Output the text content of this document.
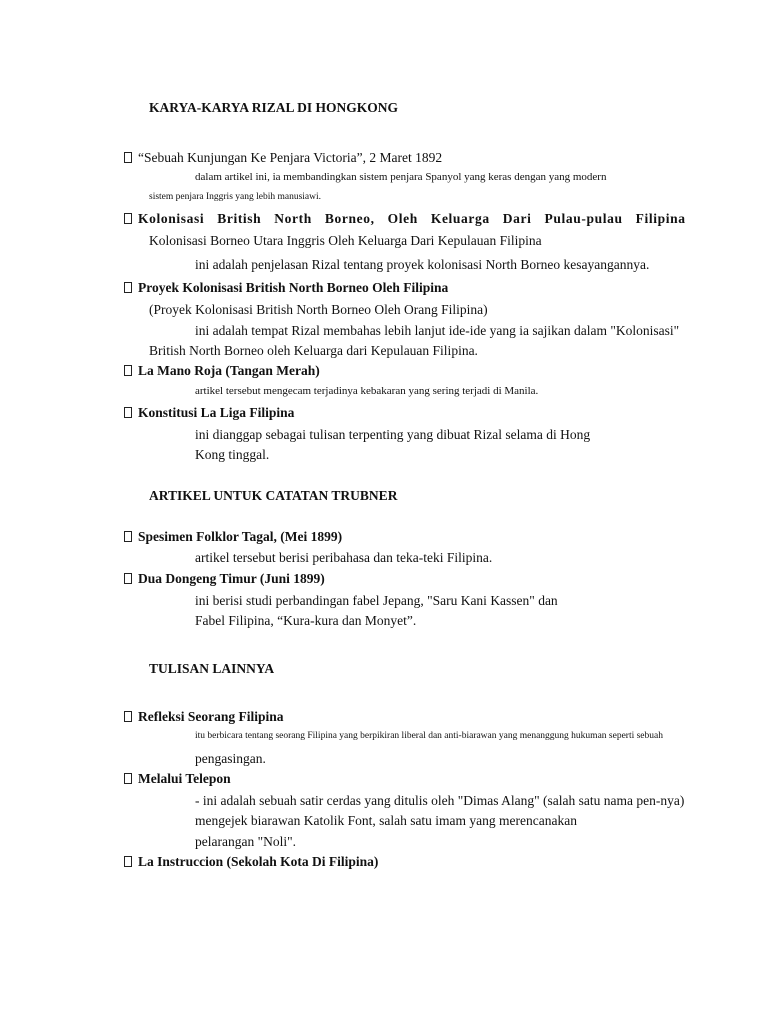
KARYA-KARYA RIZAL DI HONGKONG
“Sebuah Kunjungan Ke Penjara Victoria”, 2 Maret 1892
dalam artikel ini, ia membandingkan sistem penjara Spanyol yang keras dengan yang modern
sistem penjara Inggris yang lebih manusiawi.
Kolonisasi British North Borneo, Oleh Keluarga Dari Pulau-pulau Filipina
Kolonisasi Borneo Utara Inggris Oleh Keluarga Dari Kepulauan Filipina
ini adalah penjelasan Rizal tentang proyek kolonisasi North Borneo kesayangannya.
Proyek Kolonisasi British North Borneo Oleh Filipina
(Proyek Kolonisasi British North Borneo Oleh Orang Filipina)
ini adalah tempat Rizal membahas lebih lanjut ide-ide yang ia sajikan dalam "Kolonisasi"
British North Borneo oleh Keluarga dari Kepulauan Filipina.
La Mano Roja (Tangan Merah)
artikel tersebut mengecam terjadinya kebakaran yang sering terjadi di Manila.
Konstitusi La Liga Filipina
ini dianggap sebagai tulisan terpenting yang dibuat Rizal selama di Hong
Kong tinggal.
ARTIKEL UNTUK CATATAN TRUBNER
Spesimen Folklor Tagal, (Mei 1899)
artikel tersebut berisi peribahasa dan teka-teki Filipina.
Dua Dongeng Timur (Juni 1899)
ini berisi studi perbandingan fabel Jepang, "Saru Kani Kassen" dan
Fabel Filipina, “Kura-kura dan Monyet”.
TULISAN LAINNYA
Refleksi Seorang Filipina
itu berbicara tentang seorang Filipina yang berpikiran liberal dan anti-biarawan yang menanggung hukuman seperti sebuah
pengasingan.
Melalui Telepon
- ini adalah sebuah satir cerdas yang ditulis oleh "Dimas Alang" (salah satu nama pen-nya)
mengejek biarawan Katolik Font, salah satu imam yang merencanakan
pelarangan "Noli".
La Instruccion (Sekolah Kota Di Filipina)
